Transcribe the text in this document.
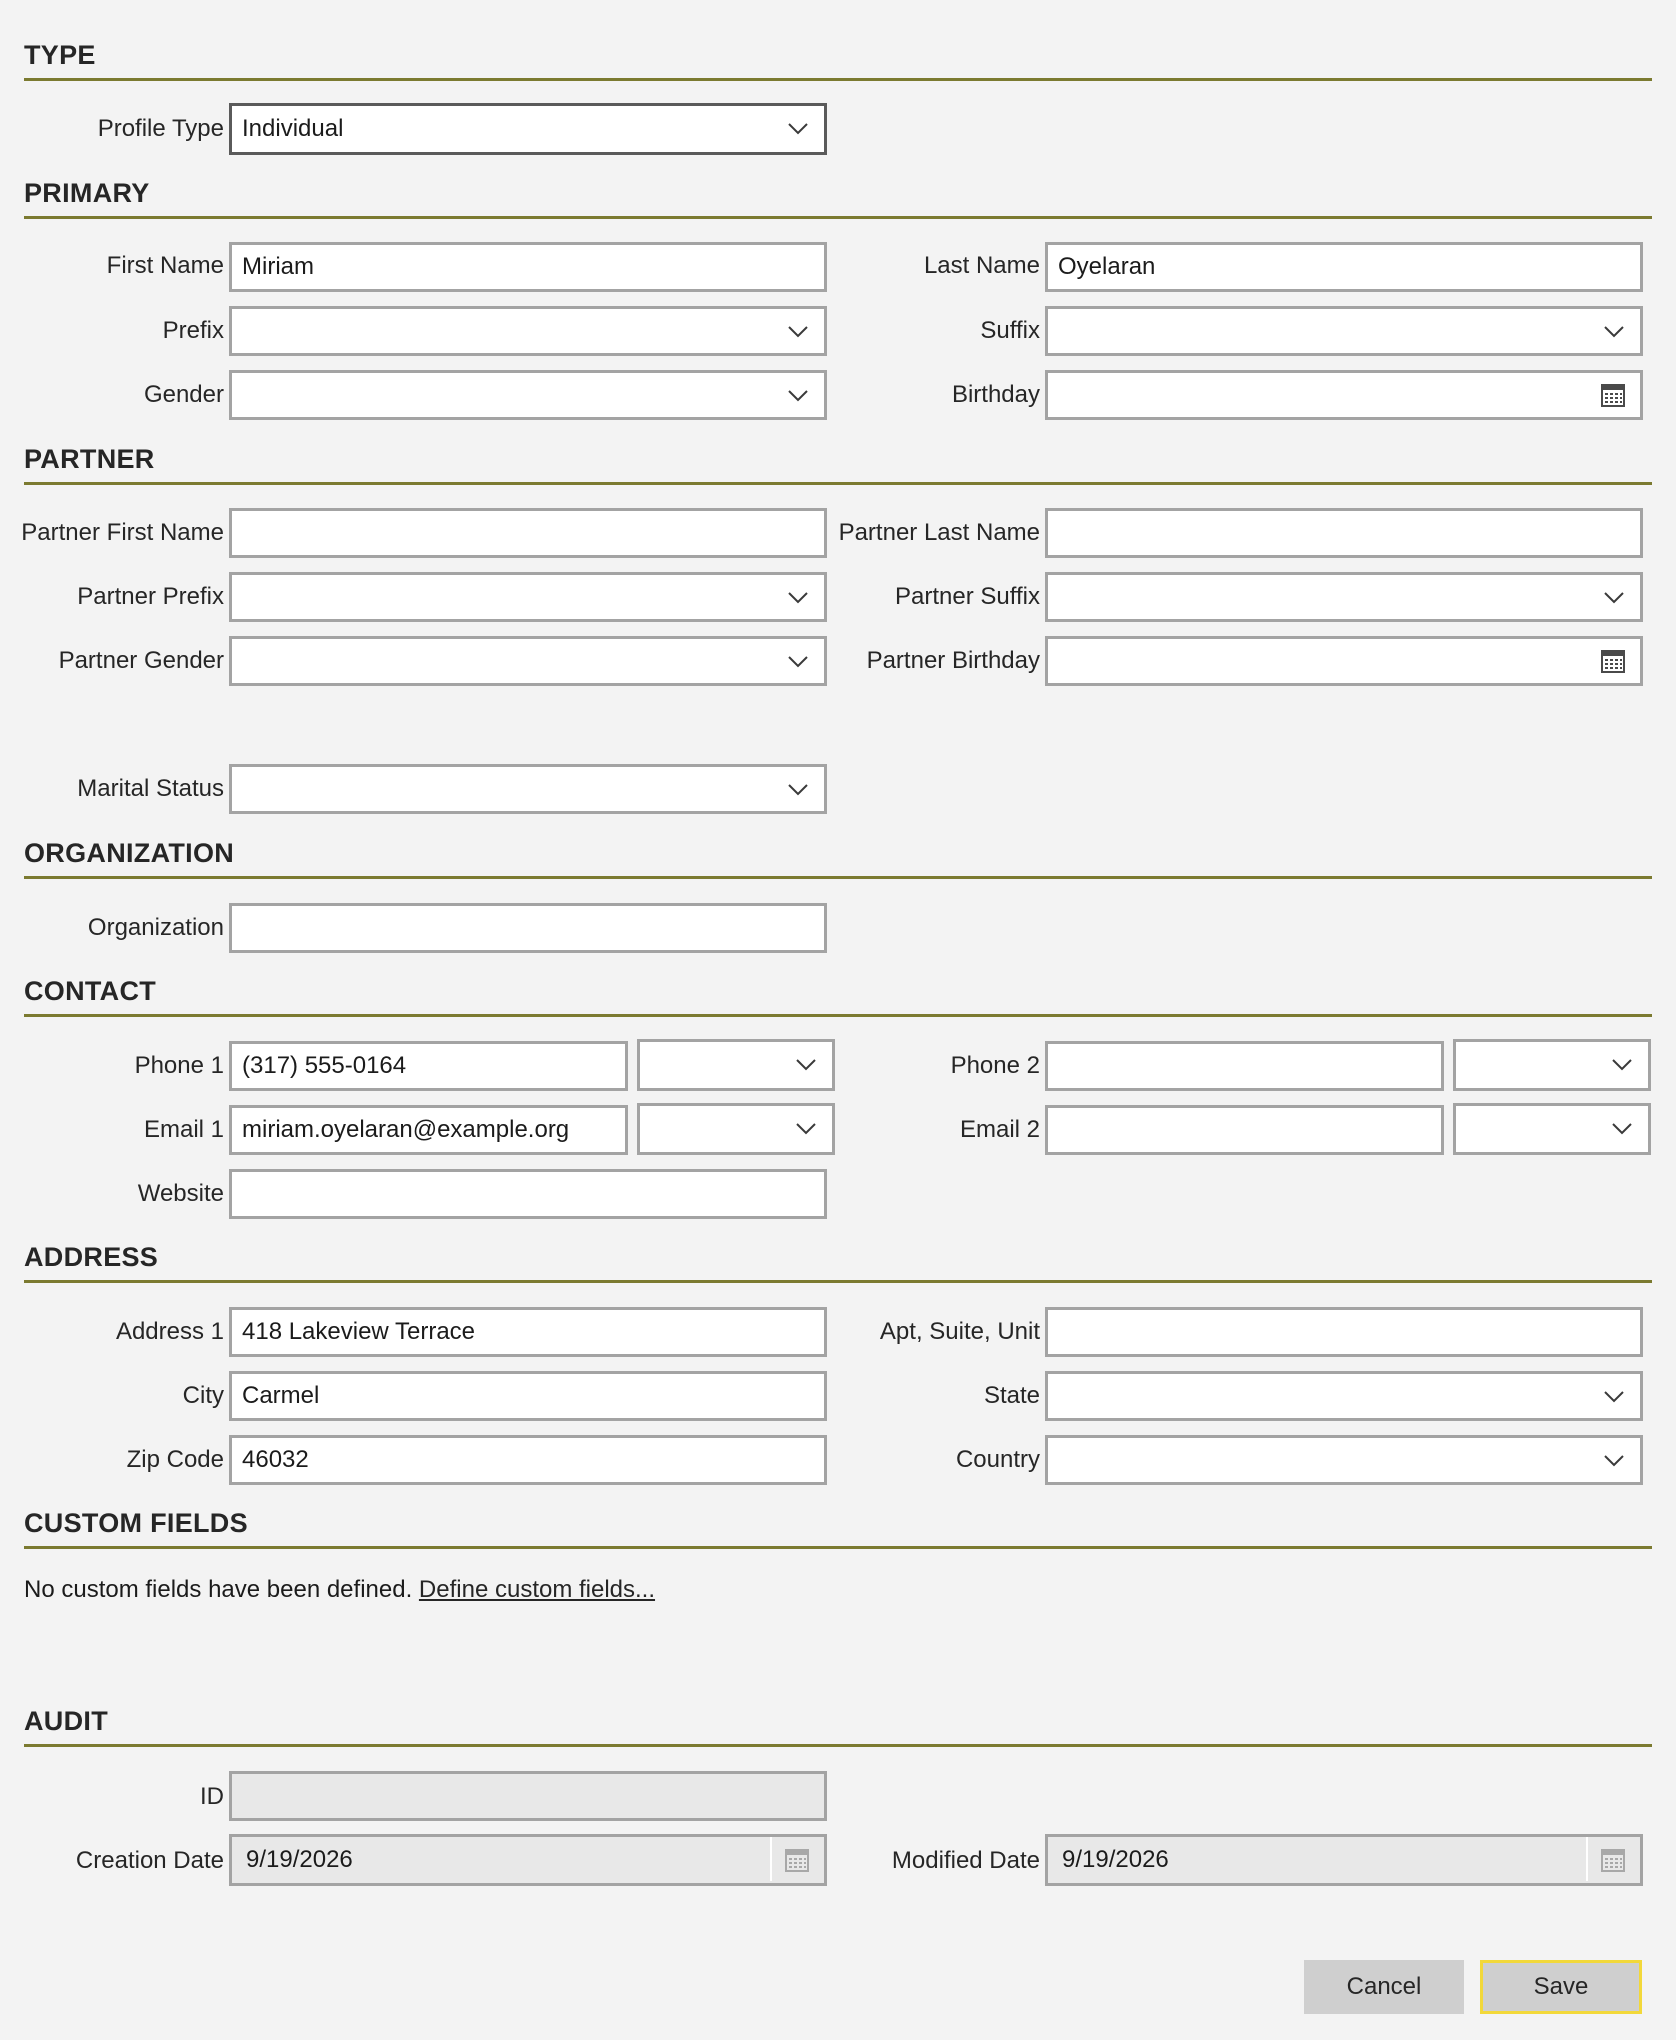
TYPE
Profile Type Individual
PRIMARY
First Name Miriam	Last Name Oyelaran
Prefix	Suffix
Gender	Birthday
PARTNER
Partner First Name	Partner Last Name
Partner Prefix	Partner Suffix
Partner Gender	Partner Birthday
Marital Status
ORGANIZATION
Organization
CONTACT
Phone 1 (317) 555-0164	Phone 2
Email 1 miriam.oyelaran@example.org	Email 2
Website
ADDRESS
Address 1 418 Lakeview Terrace	Apt, Suite, Unit
City Carmel	State
Zip Code 46032	Country
CUSTOM FIELDS
No custom fields have been defined. Define custom fields...
AUDIT
ID
Creation Date 9/19/2026	Modified Date 9/19/2026
Cancel	Save
